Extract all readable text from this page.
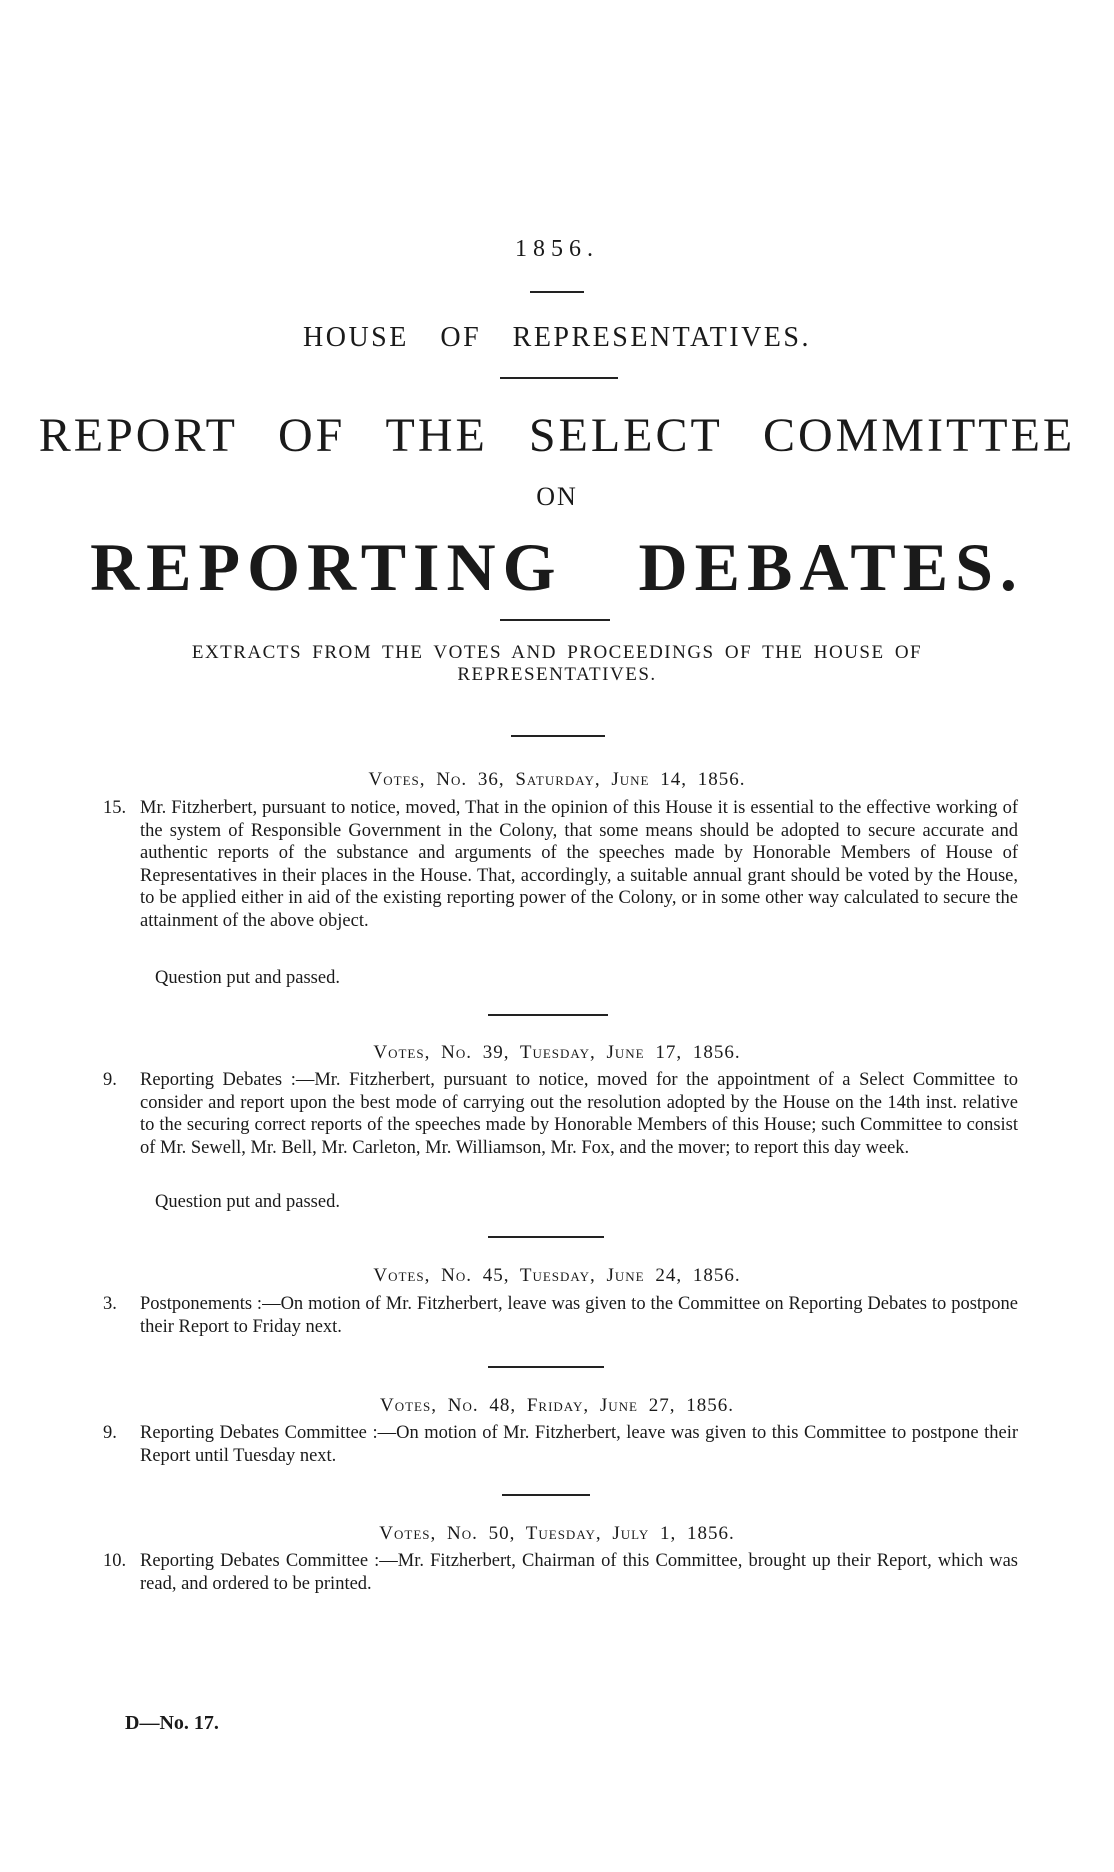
1856.
HOUSE OF REPRESENTATIVES.
REPORT OF THE SELECT COMMITTEE
ON
REPORTING DEBATES.
EXTRACTS FROM THE VOTES AND PROCEEDINGS OF THE HOUSE OF REPRESENTATIVES.
Votes, No. 36, Saturday, June 14, 1856.
15. Mr. Fitzherbert, pursuant to notice, moved, That in the opinion of this House it is essential to the effective working of the system of Responsible Government in the Colony, that some means should be adopted to secure accurate and authentic reports of the substance and arguments of the speeches made by Honorable Members of House of Representatives in their places in the House. That, accordingly, a suitable annual grant should be voted by the House, to be applied either in aid of the existing reporting power of the Colony, or in some other way calculated to secure the attainment of the above object.
Question put and passed.
Votes, No. 39, Tuesday, June 17, 1856.
9. Reporting Debates :—Mr. Fitzherbert, pursuant to notice, moved for the appointment of a Select Committee to consider and report upon the best mode of carrying out the resolution adopted by the House on the 14th inst. relative to the securing correct reports of the speeches made by Honorable Members of this House; such Committee to consist of Mr. Sewell, Mr. Bell, Mr. Carleton, Mr. Williamson, Mr. Fox, and the mover; to report this day week.
Question put and passed.
Votes, No. 45, Tuesday, June 24, 1856.
3. Postponements :—On motion of Mr. Fitzherbert, leave was given to the Committee on Reporting Debates to postpone their Report to Friday next.
Votes, No. 48, Friday, June 27, 1856.
9. Reporting Debates Committee :—On motion of Mr. Fitzherbert, leave was given to this Committee to postpone their Report until Tuesday next.
Votes, No. 50, Tuesday, July 1, 1856.
10. Reporting Debates Committee :—Mr. Fitzherbert, Chairman of this Committee, brought up their Report, which was read, and ordered to be printed.
D—No. 17.
